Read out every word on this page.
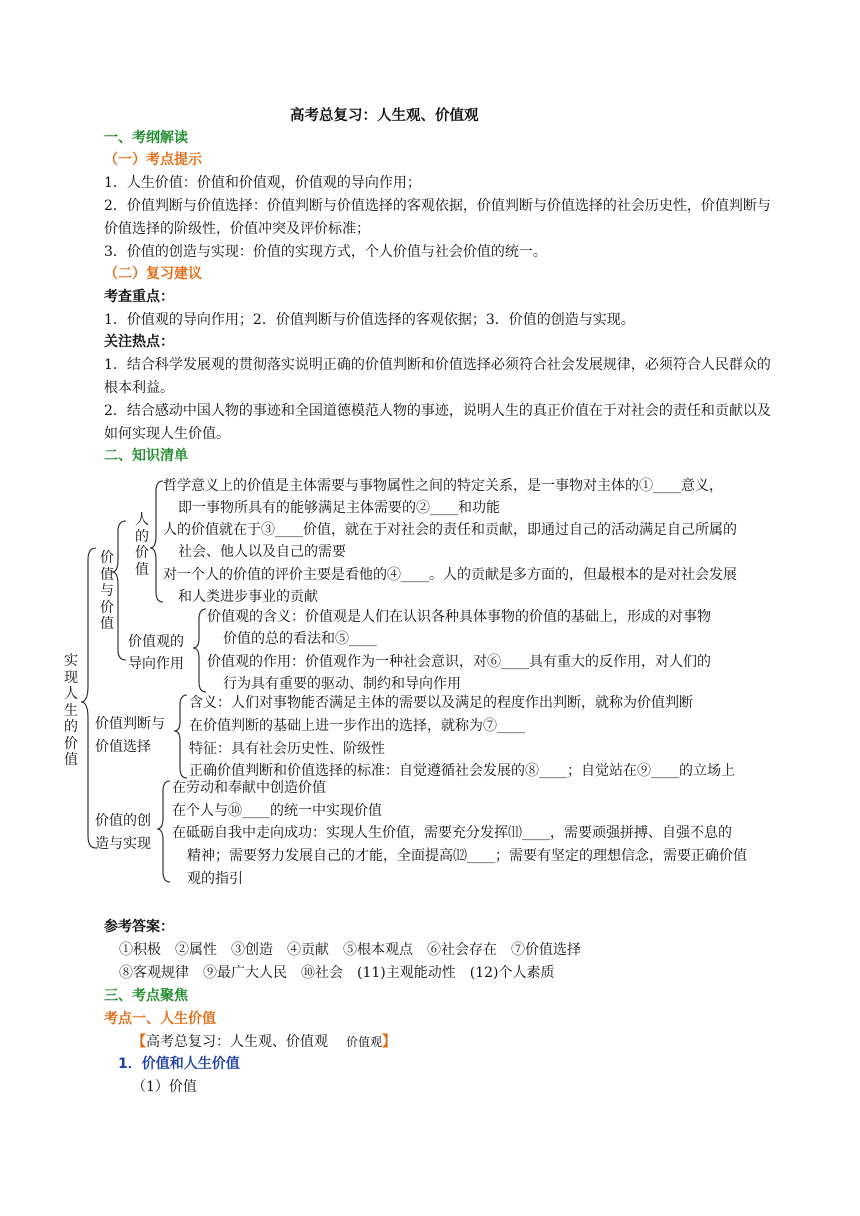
高考总复习：人生观、价值观
一、考纲解读
（一）考点提示
1．人生价值：价值和价值观，价值观的导向作用；
2．价值判断与价值选择：价值判断与价值选择的客观依据，价值判断与价值选择的社会历史性，价值判断与
价值选择的阶级性，价值冲突及评价标准；
3．价值的创造与实现：价值的实现方式，个人价值与社会价值的统一。
（二）复习建议
考查重点：
1．价值观的导向作用；2．价值判断与价值选择的客观依据；3．价值的创造与实现。
关注热点：
1．结合科学发展观的贯彻落实说明正确的价值判断和价值选择必须符合社会发展规律，必须符合人民群众的
根本利益。
2．结合感动中国人物的事迹和全国道德模范人物的事迹，说明人生的真正价值在于对社会的责任和贡献以及
如何实现人生价值。
二、知识清单
实现人生的价值
价值与价值
人的价值
哲学意义上的价值是主体需要与事物属性之间的特定关系，是一事物对主体的①____意义，
即一事物所具有的能够满足主体需要的②____和功能
人的价值就在于③____价值，就在于对社会的责任和贡献，即通过自己的活动满足自己所属的
社会、他人以及自己的需要
对一个人的价值的评价主要是看他的④____。人的贡献是多方面的，但最根本的是对社会发展
和人类进步事业的贡献
价值观的
导向作用
价值观的含义：价值观是人们在认识各种具体事物的价值的基础上，形成的对事物
价值的总的看法和⑤____
价值观的作用：价值观作为一种社会意识，对⑥____具有重大的反作用，对人们的
行为具有重要的驱动、制约和导向作用
价值判断与
价值选择
含义：人们对事物能否满足主体的需要以及满足的程度作出判断，就称为价值判断
在价值判断的基础上进一步作出的选择，就称为⑦____
特征：具有社会历史性、阶级性
正确价值判断和价值选择的标准：自觉遵循社会发展的⑧____；自觉站在⑨____的立场上
价值的创
造与实现
在劳动和奉献中创造价值
在个人与⑩____的统一中实现价值
在砥砺自我中走向成功：实现人生价值，需要充分发挥⑾____，需要顽强拼搏、自强不息的
精神；需要努力发展自己的才能，全面提高⑿____；需要有坚定的理想信念，需要正确价值
观的指引
参考答案：
①积极　②属性　③创造　④贡献　⑤根本观点　⑥社会存在　⑦价值选择
⑧客观规律　⑨最广大人民　⑩社会　(11)主观能动性　(12)个人素质
三、考点聚焦
考点一、人生价值
【高考总复习：人生观、价值观 价值观】
1．价值和人生价值
（1）价值
